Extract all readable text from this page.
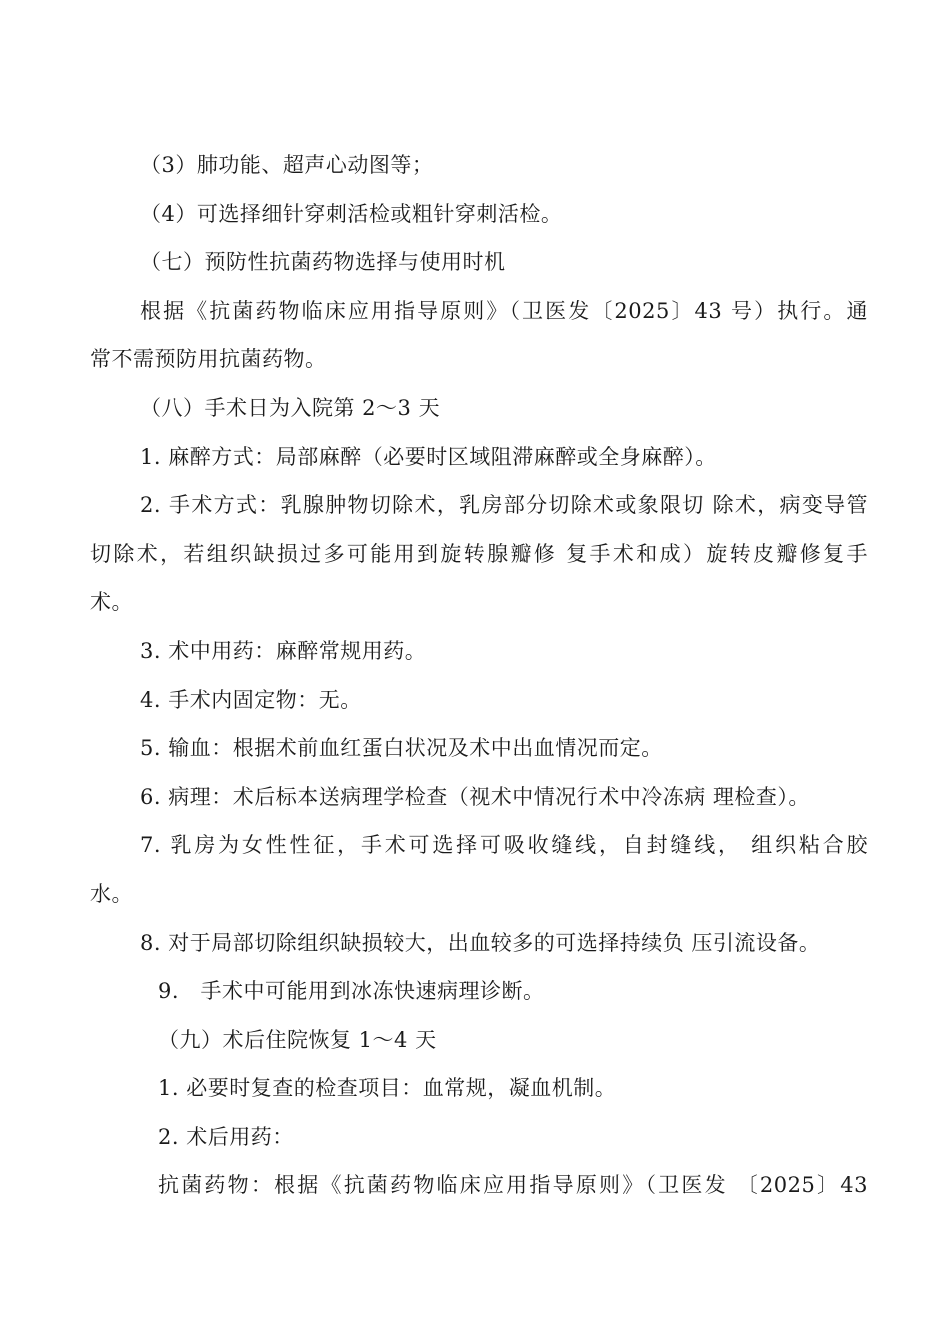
（3）肺功能、超声心动图等；
（4）可选择细针穿刺活检或粗针穿刺活检。
（七）预防性抗菌药物选择与使用时机
根据《抗菌药物临床应用指导原则》（卫医发〔2025〕43 号）执行。通
常不需预防用抗菌药物。
（八）手术日为入院第 2〜3 天
1. 麻醉方式：局部麻醉（必要时区域阻滞麻醉或全身麻醉）。
2. 手术方式：乳腺肿物切除术，乳房部分切除术或象限切 除术，病变导管
切除术，若组织缺损过多可能用到旋转腺瓣修 复手术和成）旋转皮瓣修复手
术。
3. 术中用药：麻醉常规用药。
4. 手术内固定物：无。
5. 输血：根据术前血红蛋白状况及术中出血情况而定。
6. 病理：术后标本送病理学检查（视术中情况行术中冷冻病 理检查）。
7. 乳房为女性性征，手术可选择可吸收缝线，自封缝线， 组织粘合胶
水。
8. 对于局部切除组织缺损较大，出血较多的可选择持续负 压引流设备。
9.　手术中可能用到冰冻快速病理诊断。
（九）术后住院恢复 1〜4 天
1. 必要时复查的检查项目：血常规，凝血机制。
2. 术后用药：
抗菌药物：根据《抗菌药物临床应用指导原则》（卫医发 〔2025〕43
